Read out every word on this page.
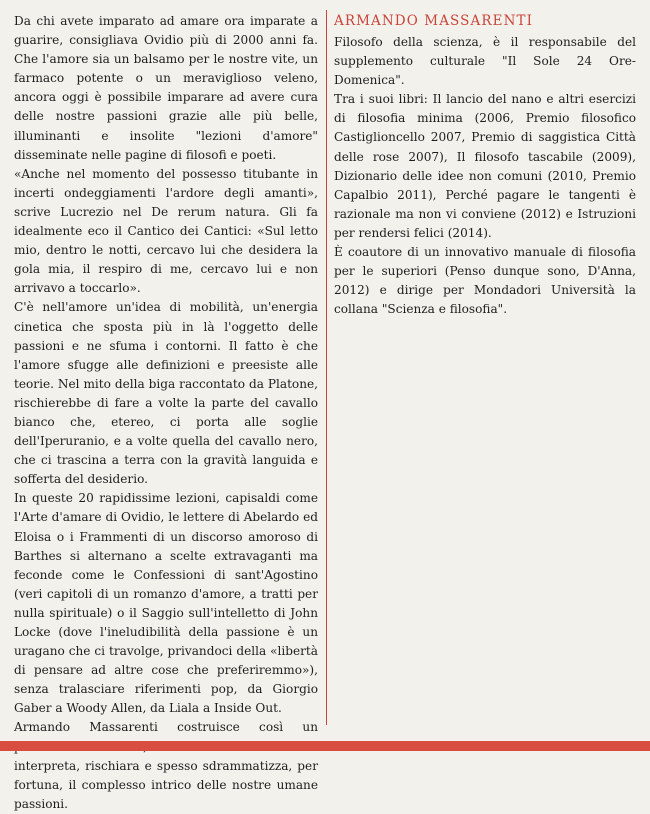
Da chi avete imparato ad amare ora imparate a guarire, consigliava Ovidio più di 2000 anni fa. Che l'amore sia un balsamo per le nostre vite, un farmaco potente o un meraviglioso veleno, ancora oggi è possibile imparare ad avere cura delle nostre passioni grazie alle più belle, illuminanti e insolite "lezioni d'amore" disseminate nelle pagine di filosofi e poeti.

«Anche nel momento del possesso titubante in incerti ondeggiamenti l'ardore degli amanti», scrive Lucrezio nel De rerum natura. Gli fa idealmente eco il Cantico dei Cantici: «Sul letto mio, dentro le notti, cercavo lui che desidera la gola mia, il respiro di me, cercavo lui e non arrivavo a toccarlo».

C'è nell'amore un'idea di mobilità, un'energia cinetica che sposta più in là l'oggetto delle passioni e ne sfuma i contorni. Il fatto è che l'amore sfugge alle definizioni e preesiste alle teorie. Nel mito della biga raccontato da Platone, rischierebbe di fare a volte la parte del cavallo bianco che, etereo, ci porta alle soglie dell'Iperuranio, e a volte quella del cavallo nero, che ci trascina a terra con la gravità languida e sofferta del desiderio.

In queste 20 rapidissime lezioni, capisaldi come l'Arte d'amare di Ovidio, le lettere di Abelardo ed Eloisa o i Frammenti di un discorso amoroso di Barthes si alternano a scelte extravaganti ma feconde come le Confessioni di sant'Agostino (veri capitoli di un romanzo d'amore, a tratti per nulla spirituale) o il Saggio sull'intelletto di John Locke (dove l'ineludibilità della passione è un uragano che ci travolge, privandoci della «libertà di pensare ad altre cose che preferiremmo»), senza tralasciare riferimenti pop, da Giorgio Gaber a Woody Allen, da Liala a Inside Out.

Armando Massarenti costruisce così un interpreta, rischiara e spesso sdrammatizza, per fortuna, il complesso intrico delle nostre umane passioni.

ARMANDO MASSARENTI

Filosofo della scienza, è il responsabile del supplemento culturale "Il Sole 24 Ore-Domenica".

Tra i suoi libri: Il lancio del nano e altri esercizi di filosofia minima (2006, Premio filosofico Castiglioncello 2007, Premio di saggistica Città delle rose 2007), Il filosofo tascabile (2009), Dizionario delle idee non comuni (2010, Premio Capalbio 2011), Perché pagare le tangenti è razionale ma non vi conviene (2012) e Istruzioni per rendersi felici (2014).

È coautore di un innovativo manuale di filosofia per le superiori (Penso dunque sono, D'Anna, 2012) e dirige per Mondadori Università la collana "Scienza e filosofia".
